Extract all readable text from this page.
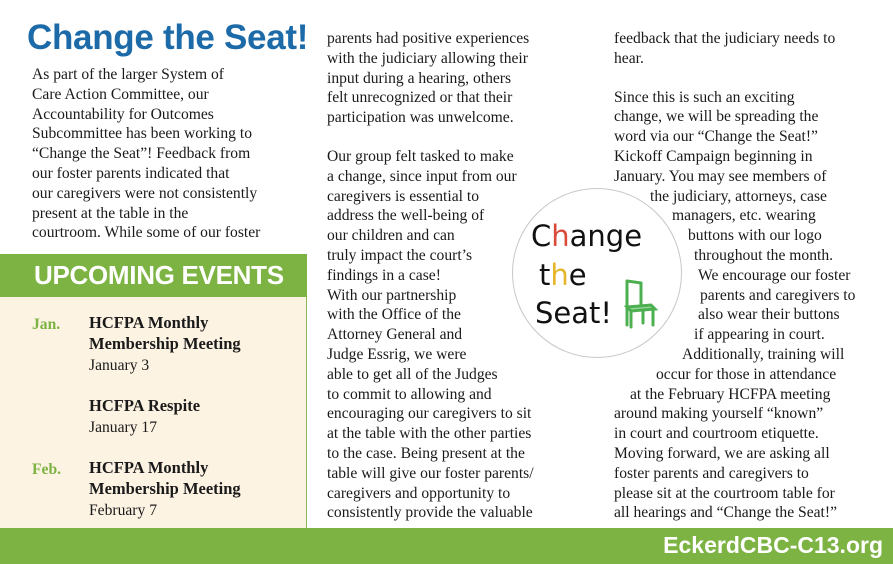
Change the Seat!
As part of the larger System of
Care Action Committee, our
Accountability for Outcomes
Subcommittee has been working to
“Change the Seat”! Feedback from
our foster parents indicated that
our caregivers were not consistently
present at the table in the
courtroom. While some of our foster
UPCOMING EVENTS
Jan. HCFPA Monthly
Membership Meeting
January 3
HCFPA Respite
January 17
Feb. HCFPA Monthly
Membership Meeting
February 7

parents had positive experiences
with the judiciary allowing their
input during a hearing, others
felt unrecognized or that their
participation was unwelcome.

Our group felt tasked to make
a change, since input from our
caregivers is essential to
address the well-being of
our children and can
truly impact the court’s
findings in a case!
With our partnership
with the Office of the
Attorney General and
Judge Essrig, we were
able to get all of the Judges
to commit to allowing and
encouraging our caregivers to sit
at the table with the other parties
to the case. Being present at the
table will give our foster parents/
caregivers and opportunity to
consistently provide the valuable

feedback that the judiciary needs to
hear.

Since this is such an exciting
change, we will be spreading the
word via our “Change the Seat!”
Kickoff Campaign beginning in
January. You may see members of
the judiciary, attorneys, case
managers, etc. wearing
buttons with our logo
throughout the month.
We encourage our foster
parents and caregivers to
also wear their buttons
if appearing in court.
Additionally, training will
occur for those in attendance
at the February HCFPA meeting
around making yourself “known”
in court and courtroom etiquette.
Moving forward, we are asking all
foster parents and caregivers to
please sit at the courtroom table for
all hearings and “Change the Seat!”

Change
the
Seat!
EckerdCBC-C13.org
